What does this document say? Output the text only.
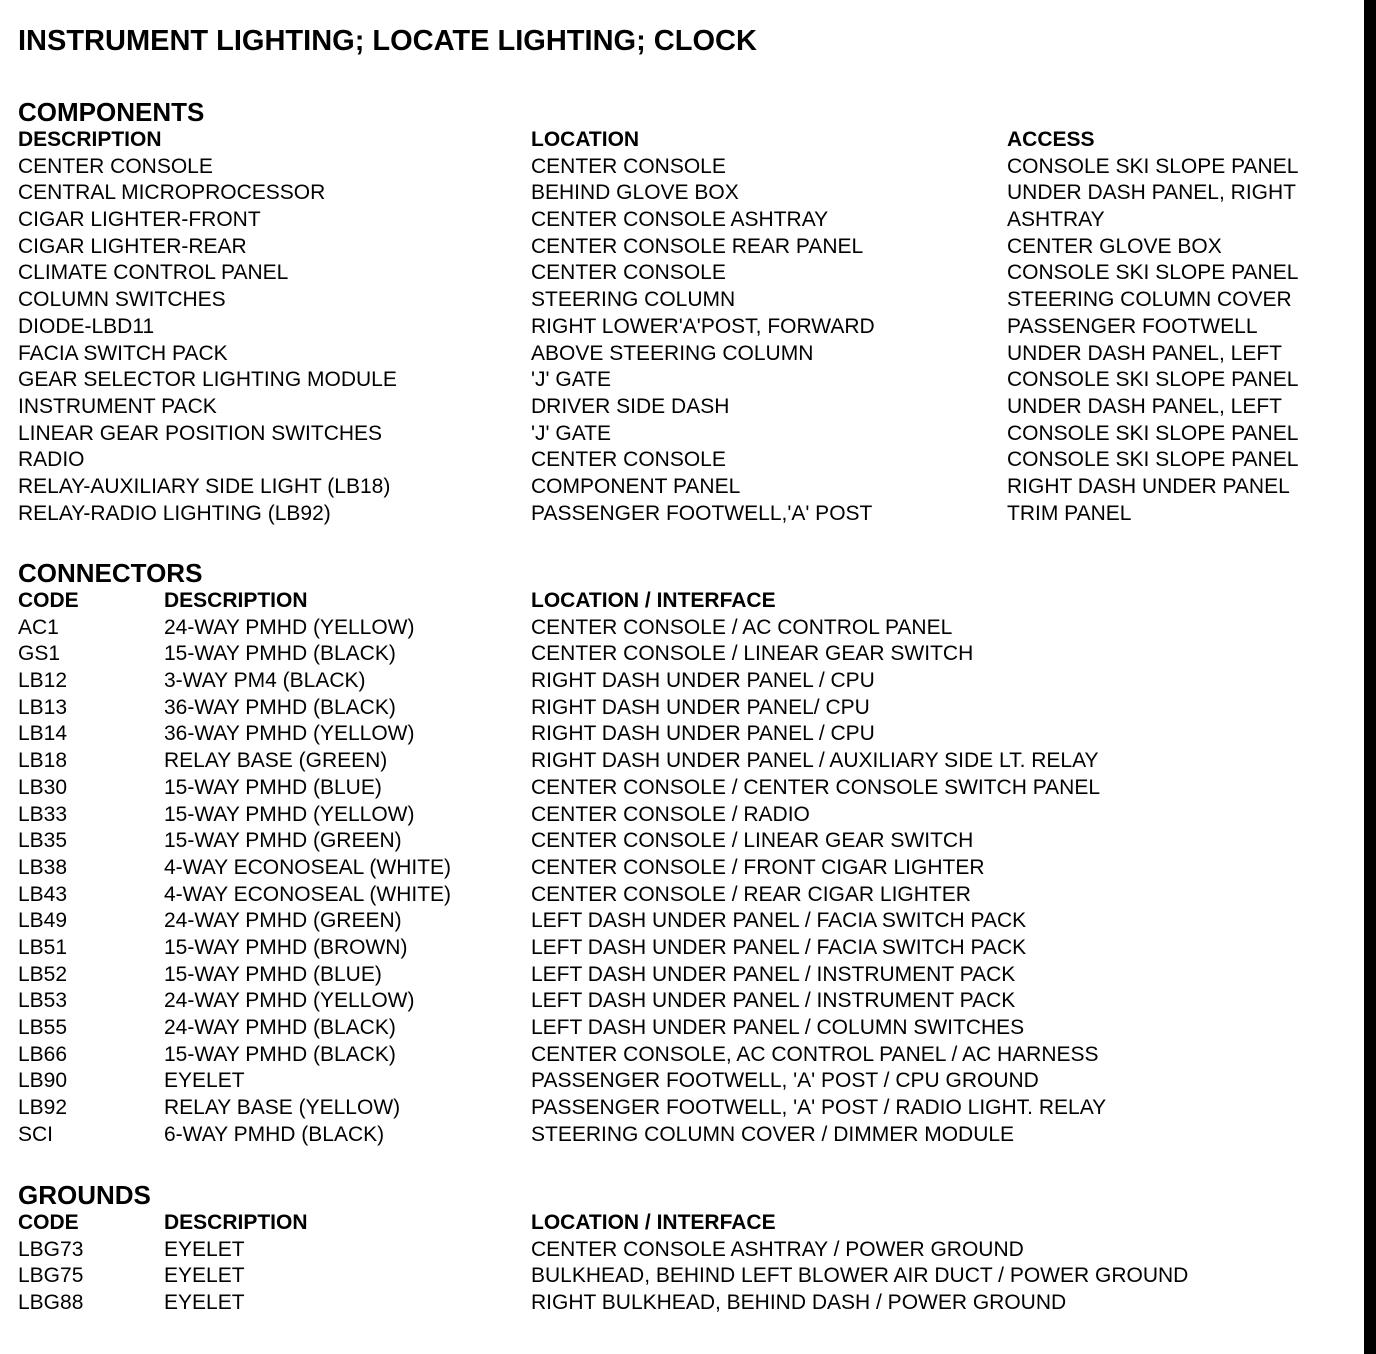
INSTRUMENT LIGHTING; LOCATE LIGHTING; CLOCK
COMPONENTS
DESCRIPTION	LOCATION	ACCESS
CENTER CONSOLE	CENTER CONSOLE	CONSOLE SKI SLOPE PANEL
CENTRAL MICROPROCESSOR	BEHIND GLOVE BOX	UNDER DASH PANEL, RIGHT
CIGAR LIGHTER-FRONT	CENTER CONSOLE ASHTRAY	ASHTRAY
CIGAR LIGHTER-REAR	CENTER CONSOLE REAR PANEL	CENTER GLOVE BOX
CLIMATE CONTROL PANEL	CENTER CONSOLE	CONSOLE SKI SLOPE PANEL
COLUMN SWITCHES	STEERING COLUMN	STEERING COLUMN COVER
DIODE-LBD11	RIGHT LOWER'A'POST, FORWARD	PASSENGER FOOTWELL
FACIA SWITCH PACK	ABOVE STEERING COLUMN	UNDER DASH PANEL, LEFT
GEAR SELECTOR LIGHTING MODULE	'J' GATE	CONSOLE SKI SLOPE PANEL
INSTRUMENT PACK	DRIVER SIDE DASH	UNDER DASH PANEL, LEFT
LINEAR GEAR POSITION SWITCHES	'J' GATE	CONSOLE SKI SLOPE PANEL
RADIO	CENTER CONSOLE	CONSOLE SKI SLOPE PANEL
RELAY-AUXILIARY SIDE LIGHT (LB18)	COMPONENT PANEL	RIGHT DASH UNDER PANEL
RELAY-RADIO LIGHTING (LB92)	PASSENGER FOOTWELL,'A' POST	TRIM PANEL
CONNECTORS
CODE	DESCRIPTION	LOCATION / INTERFACE
AC1	24-WAY PMHD (YELLOW)	CENTER CONSOLE / AC CONTROL PANEL
GS1	15-WAY PMHD (BLACK)	CENTER CONSOLE / LINEAR GEAR SWITCH
LB12	3-WAY PM4 (BLACK)	RIGHT DASH UNDER PANEL / CPU
LB13	36-WAY PMHD (BLACK)	RIGHT DASH UNDER PANEL/ CPU
LB14	36-WAY PMHD (YELLOW)	RIGHT DASH UNDER PANEL / CPU
LB18	RELAY BASE (GREEN)	RIGHT DASH UNDER PANEL / AUXILIARY SIDE LT. RELAY
LB30	15-WAY PMHD (BLUE)	CENTER CONSOLE / CENTER CONSOLE SWITCH PANEL
LB33	15-WAY PMHD (YELLOW)	CENTER CONSOLE / RADIO
LB35	15-WAY PMHD (GREEN)	CENTER CONSOLE / LINEAR GEAR SWITCH
LB38	4-WAY ECONOSEAL (WHITE)	CENTER CONSOLE / FRONT CIGAR LIGHTER
LB43	4-WAY ECONOSEAL (WHITE)	CENTER CONSOLE / REAR CIGAR LIGHTER
LB49	24-WAY PMHD (GREEN)	LEFT DASH UNDER PANEL / FACIA SWITCH PACK
LB51	15-WAY PMHD (BROWN)	LEFT DASH UNDER PANEL / FACIA SWITCH PACK
LB52	15-WAY PMHD (BLUE)	LEFT DASH UNDER PANEL / INSTRUMENT PACK
LB53	24-WAY PMHD (YELLOW)	LEFT DASH UNDER PANEL / INSTRUMENT PACK
LB55	24-WAY PMHD (BLACK)	LEFT DASH UNDER PANEL / COLUMN SWITCHES
LB66	15-WAY PMHD (BLACK)	CENTER CONSOLE, AC CONTROL PANEL / AC HARNESS
LB90	EYELET	PASSENGER FOOTWELL, 'A' POST / CPU GROUND
LB92	RELAY BASE (YELLOW)	PASSENGER FOOTWELL, 'A' POST / RADIO LIGHT. RELAY
SCI	6-WAY PMHD (BLACK)	STEERING COLUMN COVER / DIMMER MODULE
GROUNDS
CODE	DESCRIPTION	LOCATION / INTERFACE
LBG73	EYELET	CENTER CONSOLE ASHTRAY / POWER GROUND
LBG75	EYELET	BULKHEAD, BEHIND LEFT BLOWER AIR DUCT / POWER GROUND
LBG88	EYELET	RIGHT BULKHEAD, BEHIND DASH / POWER GROUND
